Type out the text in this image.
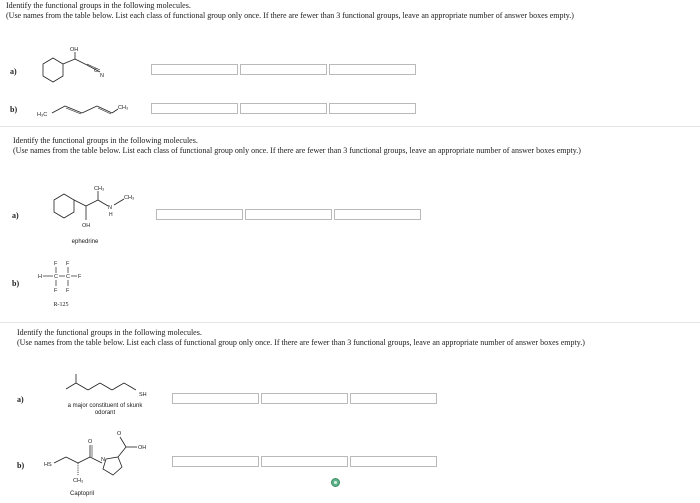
Identify the functional groups in the following molecules.
(Use names from the table below. List each class of functional group only once. If there are fewer than 3 functional groups, leave an appropriate number of answer boxes empty.)
a)
OH
C
N
b)
H₃C
CH₃
Identify the functional groups in the following molecules.
(Use names from the table below. List each class of functional group only once. If there are fewer than 3 functional groups, leave an appropriate number of answer boxes empty.)
a)
CH₃
CH₃
N
H
OH
ephedrine
b)
F F
H C C F
F F
R-125
Identify the functional groups in the following molecules.
(Use names from the table below. List each class of functional group only once. If there are fewer than 3 functional groups, leave an appropriate number of answer boxes empty.)
a)	SH
a major constituent of skunk odorant
b)	HS
O
O
OH
N
CH₃
Captopril
